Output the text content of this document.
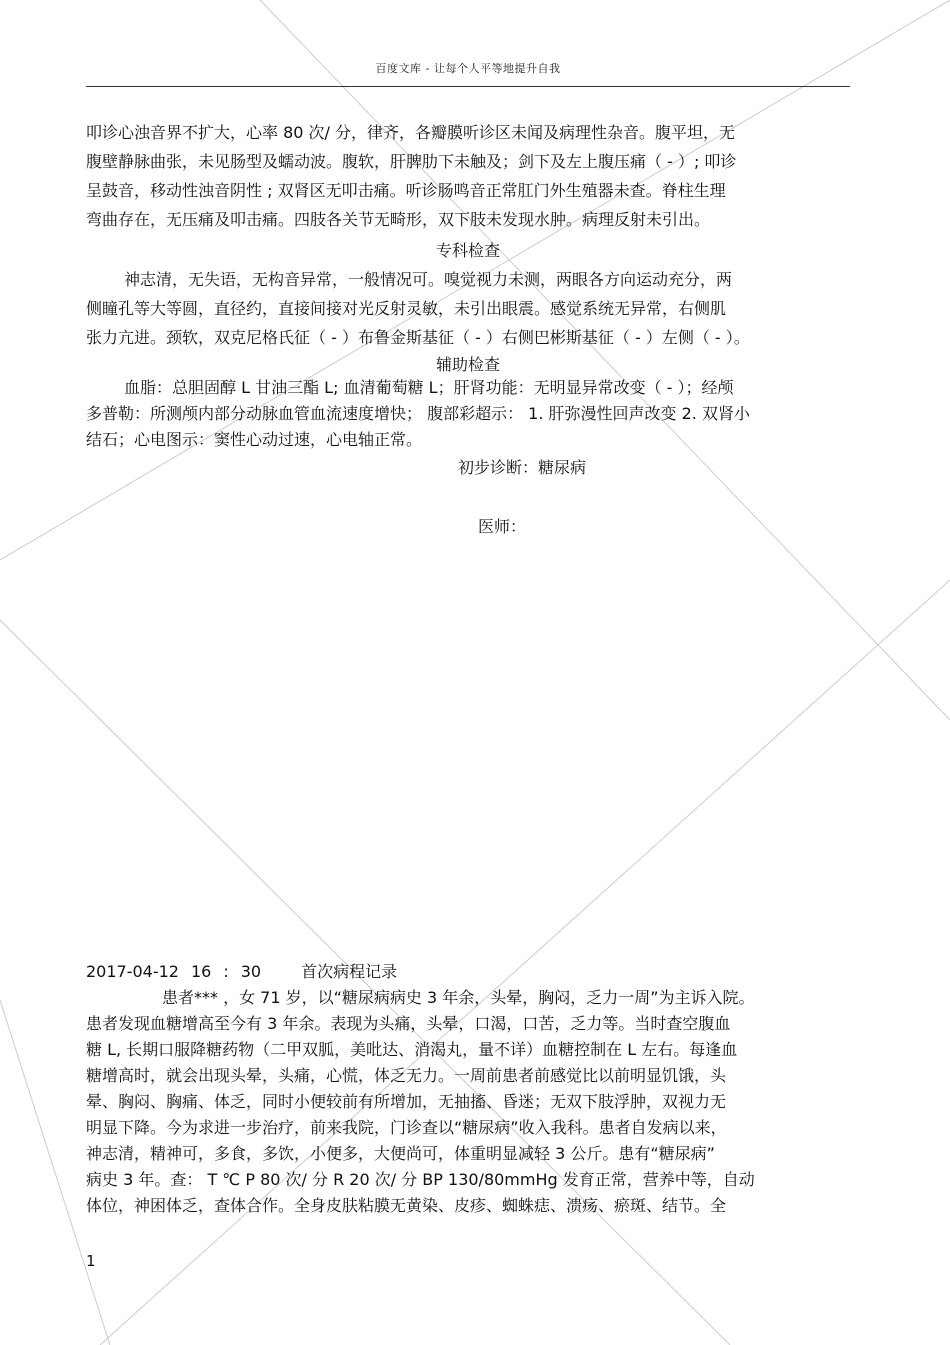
百度文库 - 让每个人平等地提升自我
叩诊心浊音界不扩大，心率 80 次/ 分，律齐，各瓣膜听诊区未闻及病理性杂音。腹平坦，无
腹壁静脉曲张，未见肠型及蠕动波。腹软，肝脾肋下未触及；剑下及左上腹压痛（ - ）; 叩诊
呈鼓音，移动性浊音阴性 ; 双肾区无叩击痛。听诊肠鸣音正常肛门外生殖器未查。脊柱生理
弯曲存在，无压痛及叩击痛。四肢各关节无畸形，双下肢未发现水肿。病理反射未引出。
专科检查
神志清，无失语，无构音异常，一般情况可。嗅觉视力未测，两眼各方向运动充分，两
侧瞳孔等大等圆，直径约，直接间接对光反射灵敏，未引出眼震。感觉系统无异常，右侧肌
张力亢进。颈软，双克尼格氏征（ - ）布鲁金斯基征（ - ）右侧巴彬斯基征（ - ）左侧（ - ）。
辅助检查
血脂：总胆固醇 L 甘油三酯 L; 血清葡萄糖 L；肝肾功能：无明显异常改变（ - ）；经颅
多普勒：所测颅内部分动脉血管血流速度增快； 腹部彩超示： 1. 肝弥漫性回声改变 2. 双肾小
结石；心电图示：窦性心动过速，心电轴正常。
初步诊断：糖尿病
医师：
2017-04-12 16 : 30	首次病程记录
患者*** ，女 71 岁，以“糖尿病病史 3 年余，头晕，胸闷，乏力一周”为主诉入院。
患者发现血糖增高至今有 3 年余。表现为头痛，头晕，口渴，口苦，乏力等。当时查空腹血
糖 L, 长期口服降糖药物（二甲双胍，美吡达、消渴丸，量不详）血糖控制在 L 左右。每逢血
糖增高时，就会出现头晕，头痛，心慌，体乏无力。一周前患者前感觉比以前明显饥饿，头
晕、胸闷、胸痛、体乏，同时小便较前有所增加，无抽搐、昏迷；无双下肢浮肿，双视力无
明显下降。今为求进一步治疗，前来我院，门诊查以“糖尿病”收入我科。患者自发病以来，
神志清，精神可，多食，多饮，小便多，大便尚可，体重明显减轻 3 公斤。患有“糖尿病”
病史 3 年。查： T ℃ P 80 次/ 分 R 20 次/ 分 BP 130/80mmHg 发育正常，营养中等，自动
体位，神困体乏，查体合作。全身皮肤粘膜无黄染、皮疹、蜘蛛痣、溃疡、瘀斑、结节。全
1
